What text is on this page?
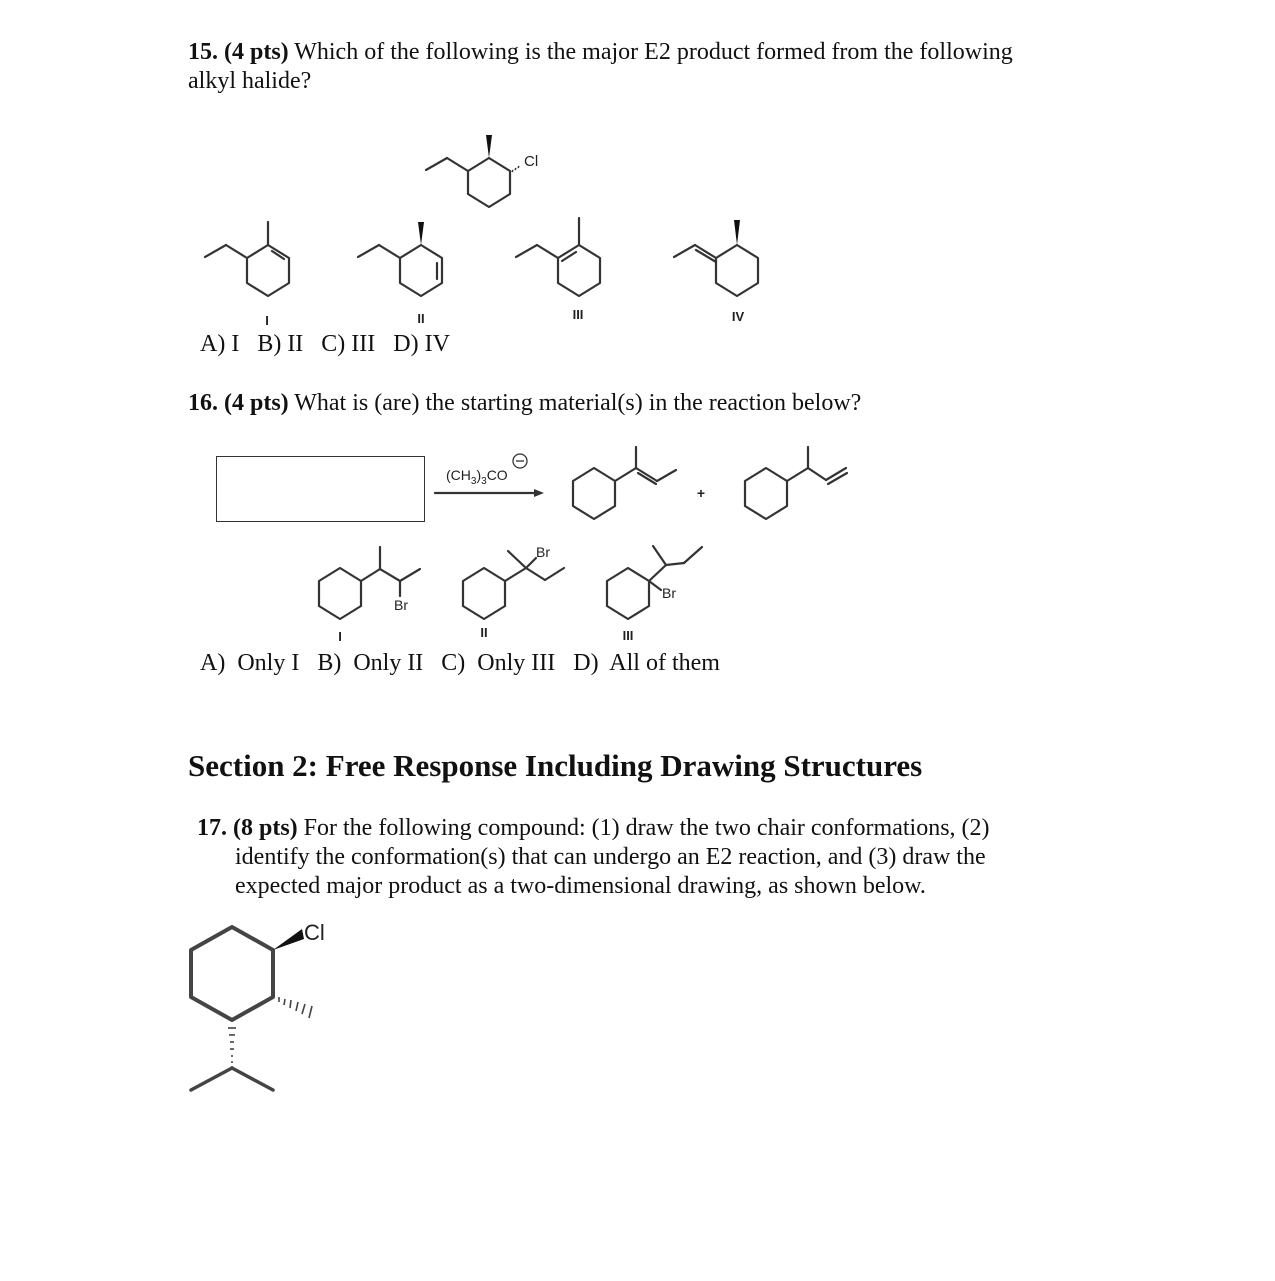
15. (4 pts) Which of the following is the major E2 product formed from the following
alkyl halide?
Cl
I	II	III	IV
A) I   B) II   C) III   D) IV
16. (4 pts) What is (are) the starting material(s) in the reaction below?
$(CH_3)_3CO$
+
Br
Br
Br
I	II	III
A)  Only I   B)  Only II   C)  Only III   D)  All of them
Section 2: Free Response Including Drawing Structures
17. (8 pts) For the following compound: (1) draw the two chair conformations, (2)
identify the conformation(s) that can undergo an E2 reaction, and (3) draw the
expected major product as a two-dimensional drawing, as shown below.
Cl
